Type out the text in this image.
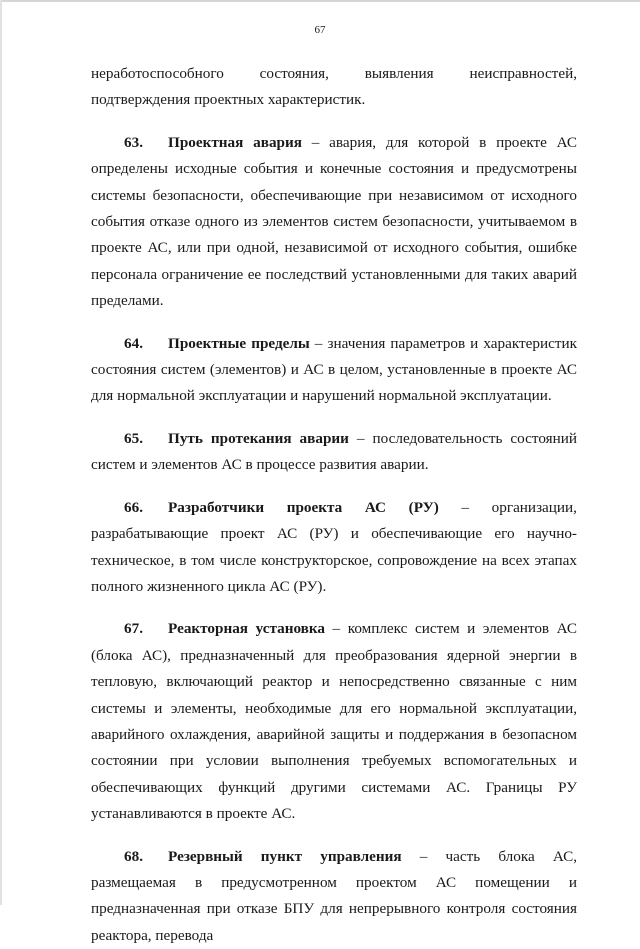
67

неработоспособного состояния, выявления неисправностей, подтверждения проектных характеристик.

63. Проектная авария – авария, для которой в проекте АС определены исходные события и конечные состояния и предусмотрены системы безопасности, обеспечивающие при независимом от исходного события отказе одного из элементов систем безопасности, учитываемом в проекте АС, или при одной, независимой от исходного события, ошибке персонала ограничение ее последствий установленными для таких аварий пределами.

64. Проектные пределы – значения параметров и характеристик состояния систем (элементов) и АС в целом, установленные в проекте АС для нормальной эксплуатации и нарушений нормальной эксплуатации.

65. Путь протекания аварии – последовательность состояний систем и элементов АС в процессе развития аварии.

66. Разработчики проекта АС (РУ) – организации, разрабатывающие проект АС (РУ) и обеспечивающие его научно-техническое, в том числе конструкторское, сопровождение на всех этапах полного жизненного цикла АС (РУ).

67. Реакторная установка – комплекс систем и элементов АС (блока АС), предназначенный для преобразования ядерной энергии в тепловую, включающий реактор и непосредственно связанные с ним системы и элементы, необходимые для его нормальной эксплуатации, аварийного охлаждения, аварийной защиты и поддержания в безопасном состоянии при условии выполнения требуемых вспомогательных и обеспечивающих функций другими системами АС. Границы РУ устанавливаются в проекте АС.

68. Резервный пункт управления – часть блока АС, размещаемая в предусмотренном проектом АС помещении и предназначенная при отказе БПУ для непрерывного контроля состояния реактора, перевода
